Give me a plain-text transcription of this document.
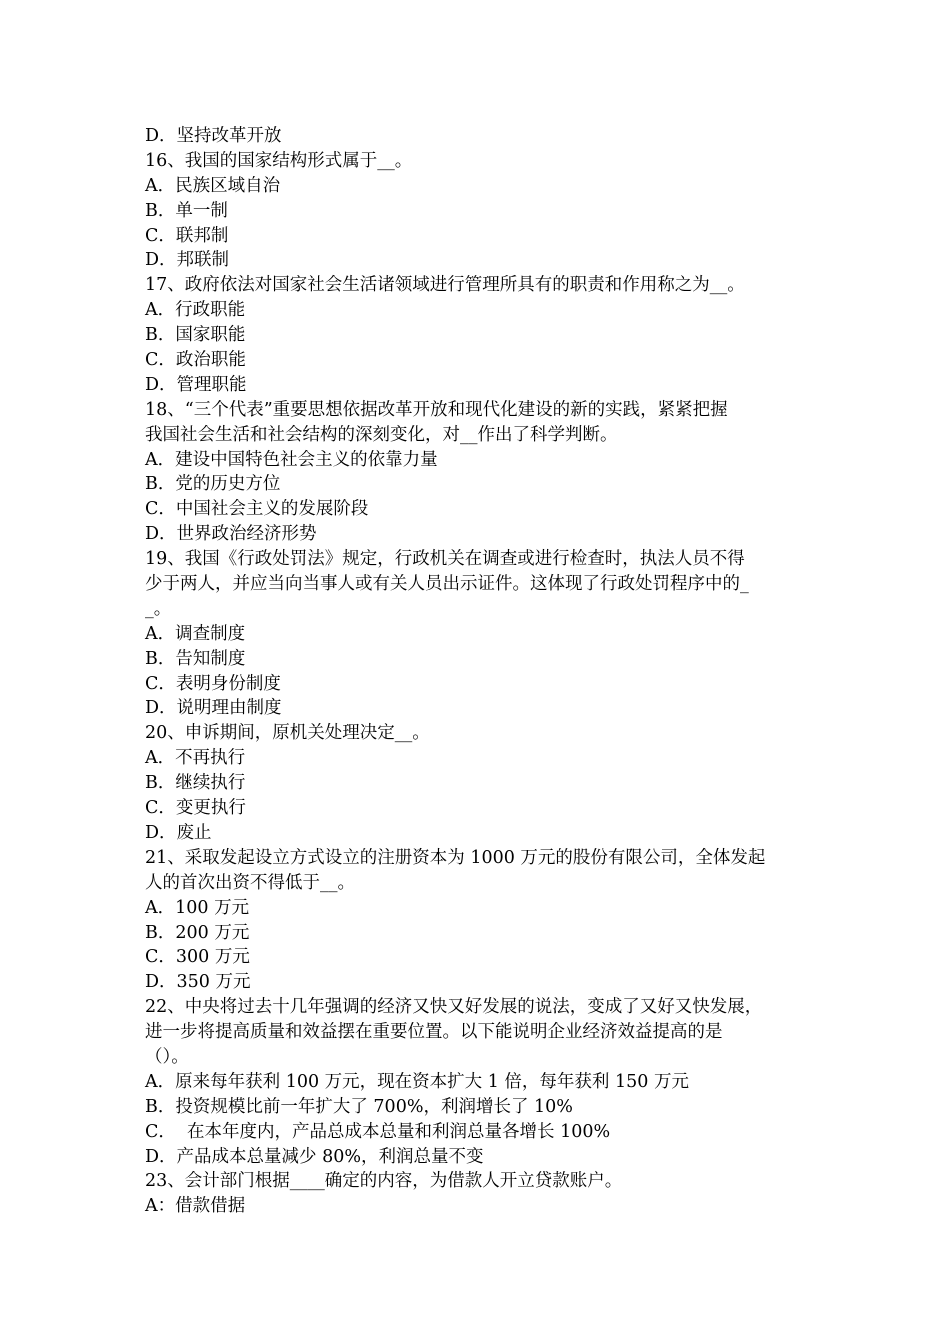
D．坚持改革开放
16、我国的国家结构形式属于__。
A．民族区域自治
B．单一制
C．联邦制
D．邦联制
17、政府依法对国家社会生活诸领域进行管理所具有的职责和作用称之为__。
A．行政职能
B．国家职能
C．政治职能
D．管理职能
18、“三个代表”重要思想依据改革开放和现代化建设的新的实践，紧紧把握
我国社会生活和社会结构的深刻变化，对__作出了科学判断。
A．建设中国特色社会主义的依靠力量
B．党的历史方位
C．中国社会主义的发展阶段
D．世界政治经济形势
19、我国《行政处罚法》规定，行政机关在调查或进行检查时，执法人员不得
少于两人，并应当向当事人或有关人员出示证件。这体现了行政处罚程序中的_
_。
A．调查制度
B．告知制度
C．表明身份制度
D．说明理由制度
20、申诉期间，原机关处理决定__。
A．不再执行
B．继续执行
C．变更执行
D．废止
21、采取发起设立方式设立的注册资本为 1000 万元的股份有限公司，全体发起
人的首次出资不得低于__。
A．100 万元
B．200 万元
C．300 万元
D．350 万元
22、中央将过去十几年强调的经济又快又好发展的说法，变成了又好又快发展，
进一步将提高质量和效益摆在重要位置。以下能说明企业经济效益提高的是
（）。
A．原来每年获利 100 万元，现在资本扩大 1 倍，每年获利 150 万元
B．投资规模比前一年扩大了 700%，利润增长了 10%
C．  在本年度内，产品总成本总量和利润总量各增长 100%
D．产品成本总量减少 80%，利润总量不变
23、会计部门根据____确定的内容，为借款人开立贷款账户。
A：借款借据
